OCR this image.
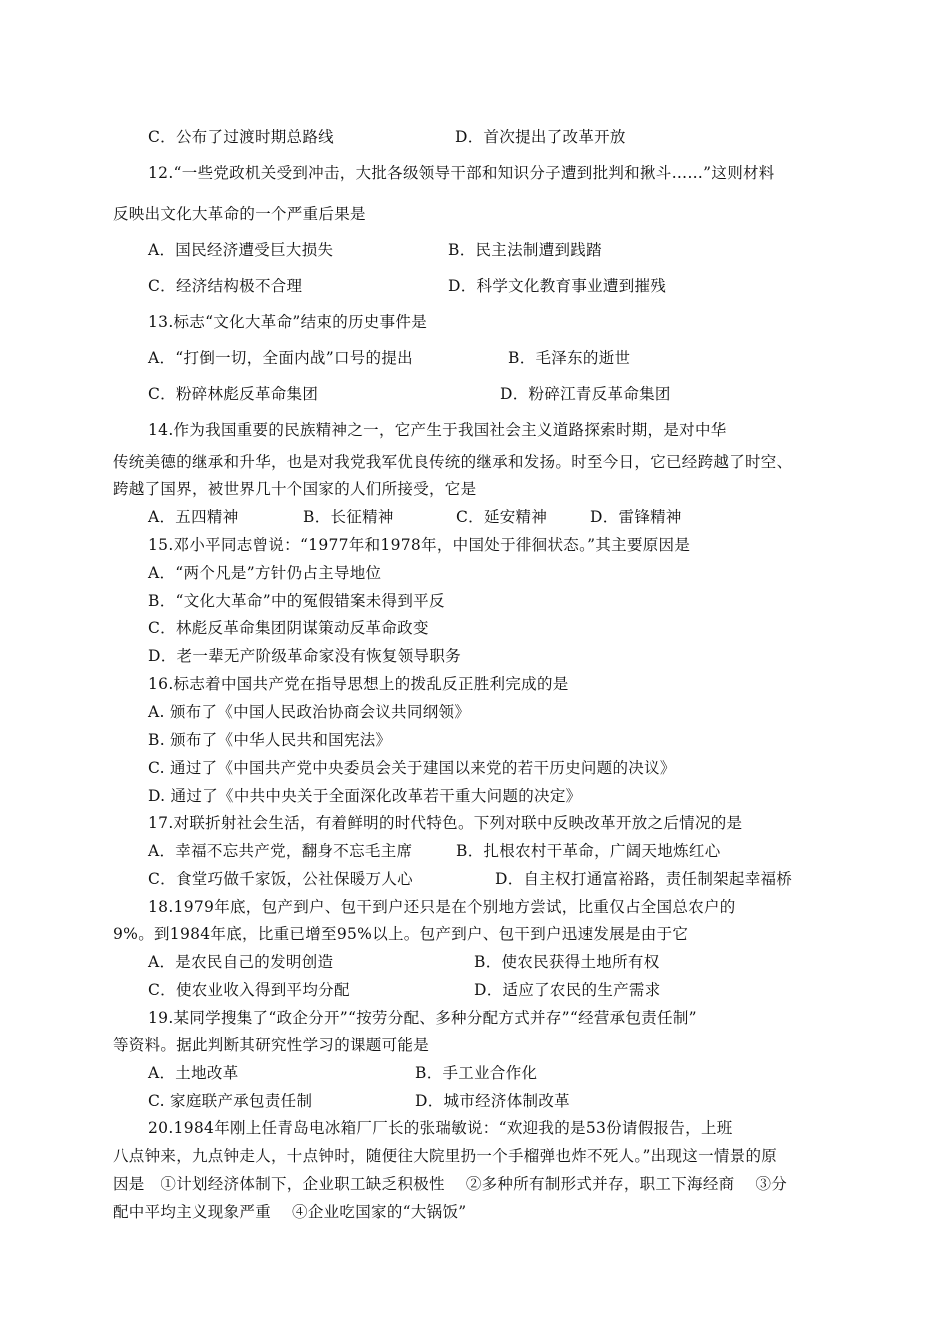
C．公布了过渡时期总路线	D．首次提出了改革开放
12.“一些党政机关受到冲击，大批各级领导干部和知识分子遭到批判和揪斗……”这则材料
反映出文化大革命的一个严重后果是
A．国民经济遭受巨大损失	B．民主法制遭到践踏
C．经济结构极不合理	D．科学文化教育事业遭到摧残
13.标志“文化大革命”结束的历史事件是
A．“打倒一切，全面内战”口号的提出	B．毛泽东的逝世
C．粉碎林彪反革命集团	D．粉碎江青反革命集团
14.作为我国重要的民族精神之一，它产生于我国社会主义道路探索时期，是对中华
传统美德的继承和升华，也是对我党我军优良传统的继承和发扬。时至今日，它已经跨越了时空、
跨越了国界，被世界几十个国家的人们所接受，它是
A．五四精神	B．长征精神	C．延安精神	D．雷锋精神
15.邓小平同志曾说：“1977年和1978年，中国处于徘徊状态。”其主要原因是
A．“两个凡是”方针仍占主导地位
B．“文化大革命”中的冤假错案未得到平反
C．林彪反革命集团阴谋策动反革命政变
D．老一辈无产阶级革命家没有恢复领导职务
16.标志着中国共产党在指导思想上的拨乱反正胜利完成的是
A. 颁布了《中国人民政治协商会议共同纲领》
B. 颁布了《中华人民共和国宪法》
C. 通过了《中国共产党中央委员会关于建国以来党的若干历史问题的决议》
D. 通过了《中共中央关于全面深化改革若干重大问题的决定》
17.对联折射社会生活，有着鲜明的时代特色。下列对联中反映改革开放之后情况的是
A．幸福不忘共产党，翻身不忘毛主席	B．扎根农村干革命，广阔天地炼红心
C．食堂巧做千家饭，公社保暖万人心	D．自主权打通富裕路，责任制架起幸福桥
18.1979年底，包产到户、包干到户还只是在个别地方尝试，比重仅占全国总农户的
9%。到1984年底，比重已增至95%以上。包产到户、包干到户迅速发展是由于它
A．是农民自己的发明创造	B．使农民获得土地所有权
C．使农业收入得到平均分配	D．适应了农民的生产需求
19.某同学搜集了“政企分开”“按劳分配、多种分配方式并存”“经营承包责任制”
等资料。据此判断其研究性学习的课题可能是
A．土地改革	B．手工业合作化
C. 家庭联产承包责任制	D．城市经济体制改革
20.1984年刚上任青岛电冰箱厂厂长的张瑞敏说：“欢迎我的是53份请假报告，上班
八点钟来，九点钟走人，十点钟时，随便往大院里扔一个手榴弹也炸不死人。”出现这一情景的原
因是　①计划经济体制下，企业职工缺乏积极性　 ②多种所有制形式并存，职工下海经商　 ③分
配中平均主义现象严重　 ④企业吃国家的“大锅饭”
